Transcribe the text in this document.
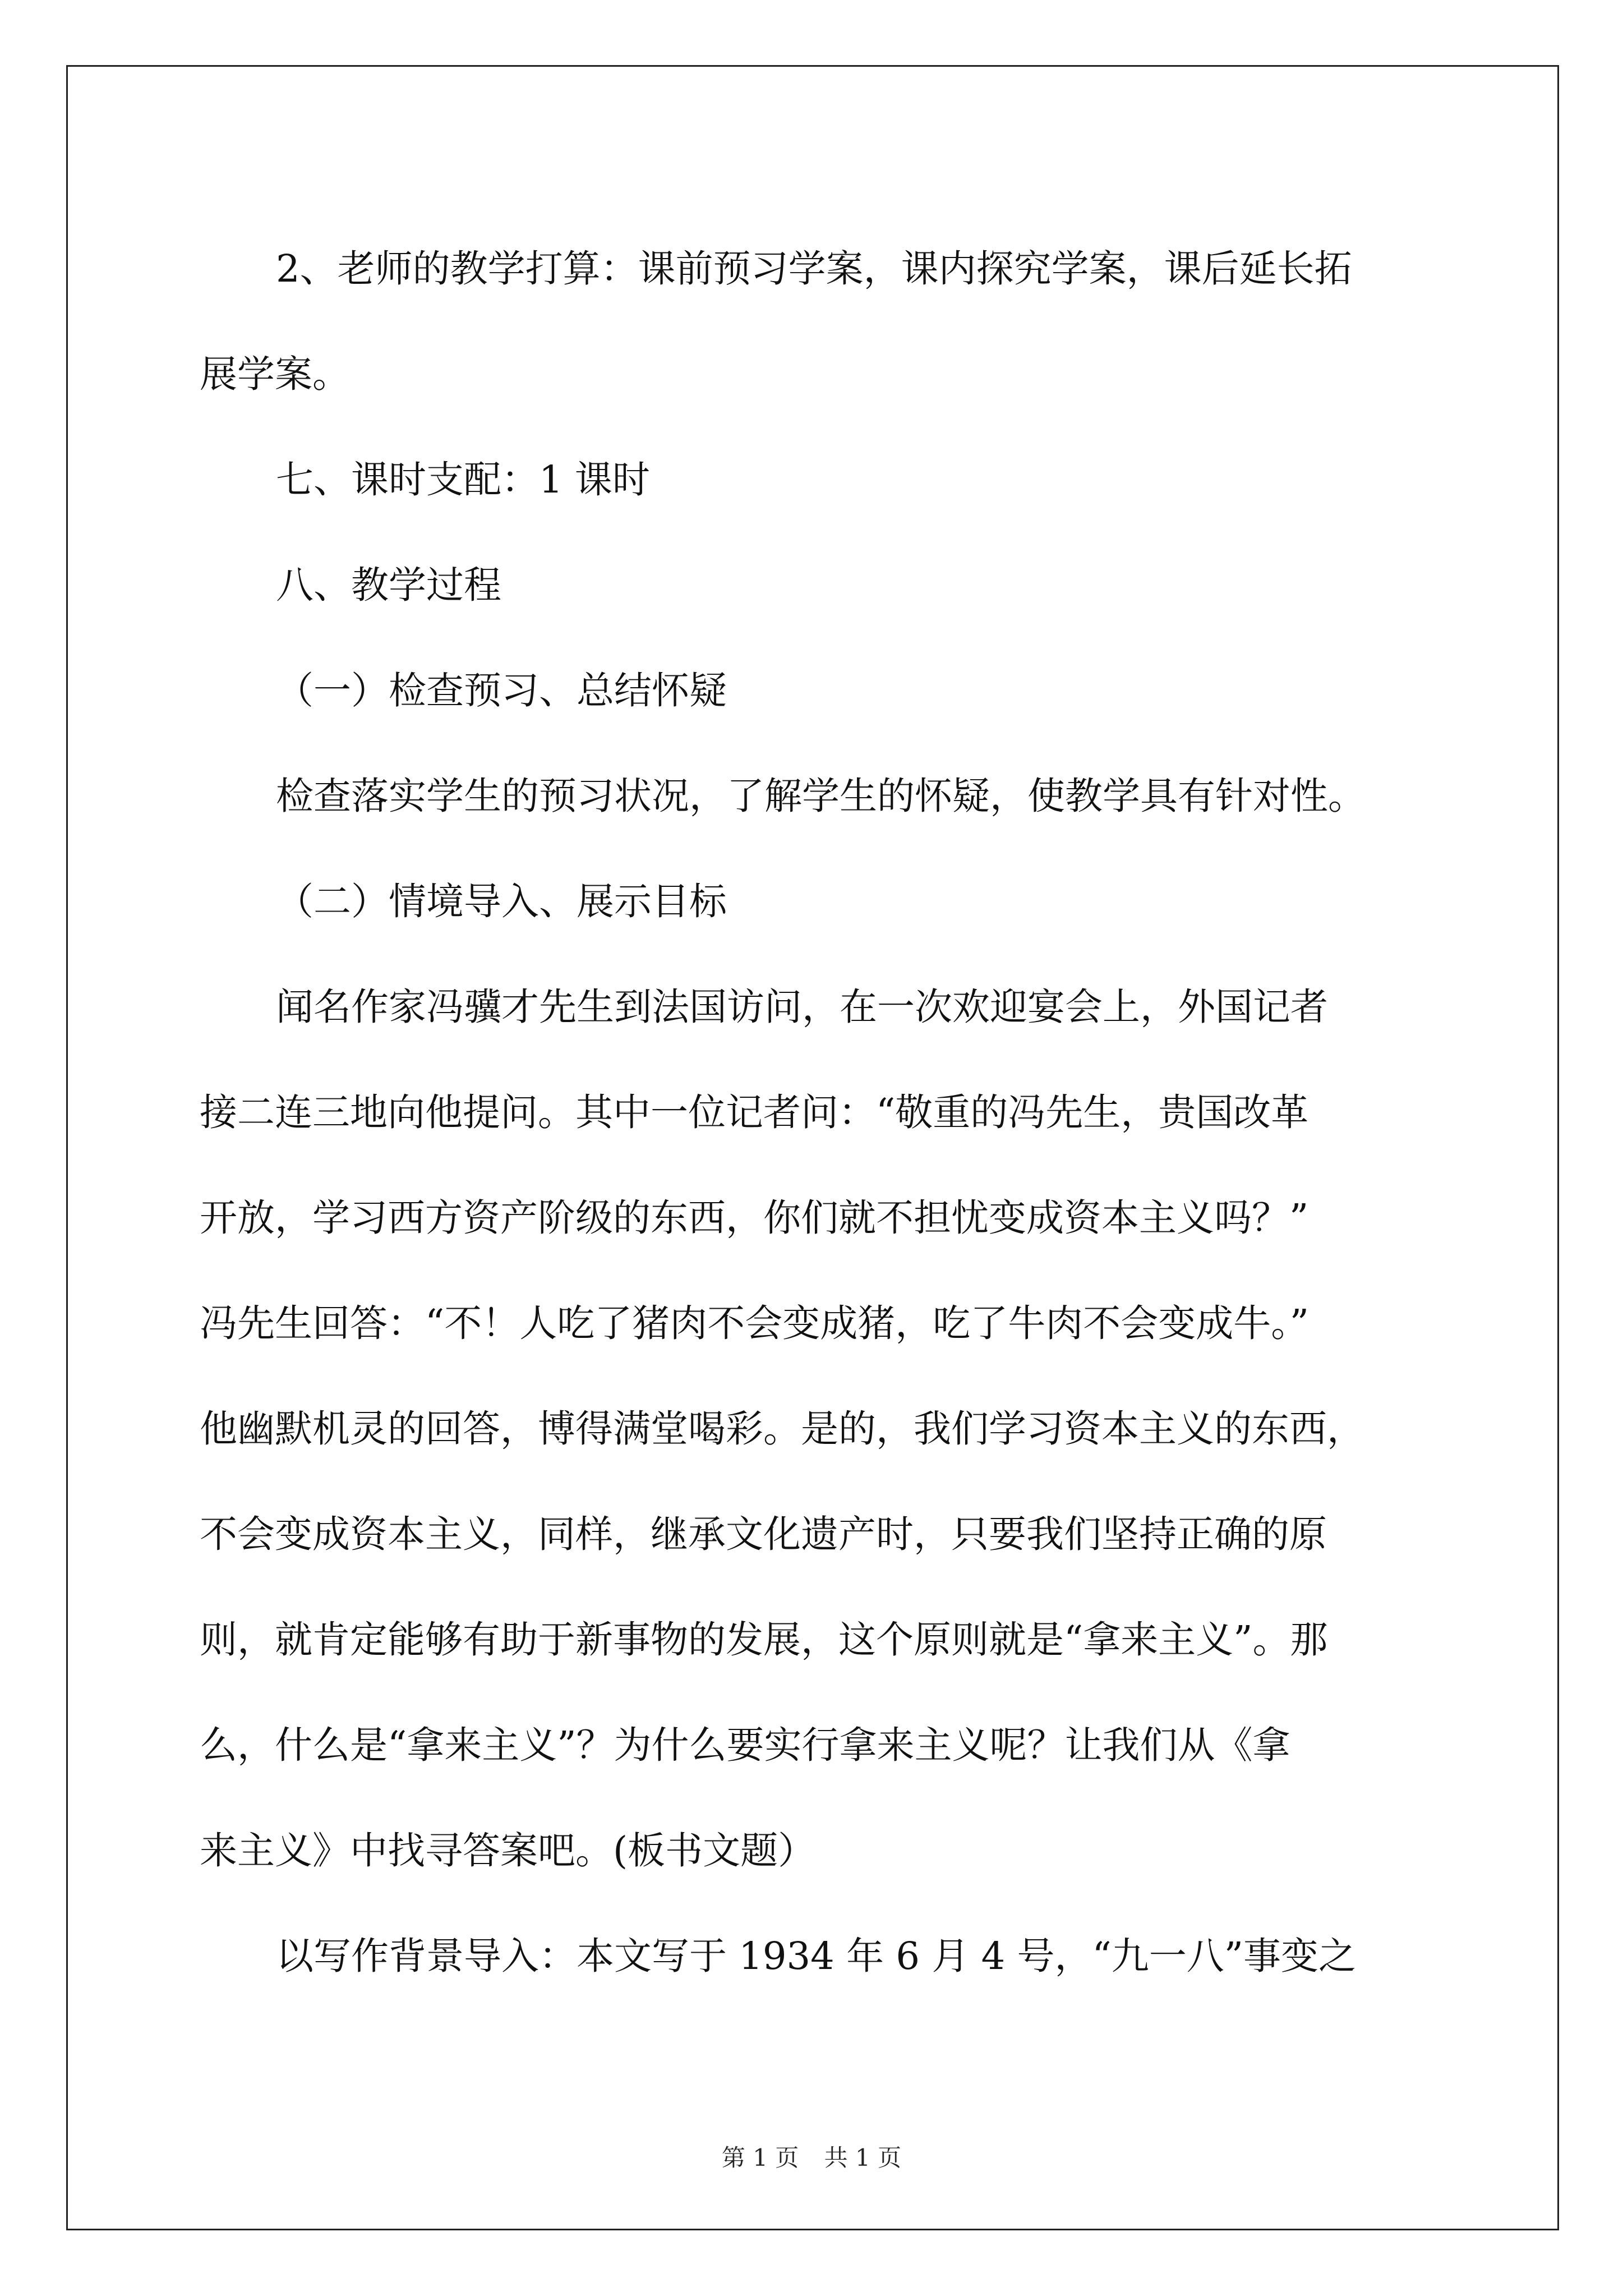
2、老师的教学打算：课前预习学案，课内探究学案，课后延长拓
展学案。
七、课时支配：1 课时
八、教学过程
（一）检查预习、总结怀疑
检查落实学生的预习状况，了解学生的怀疑，使教学具有针对性。
（二）情境导入、展示目标
闻名作家冯骥才先生到法国访问，在一次欢迎宴会上，外国记者
接二连三地向他提问。其中一位记者问：“敬重的冯先生，贵国改革
开放，学习西方资产阶级的东西，你们就不担忧变成资本主义吗？”
冯先生回答：“不！人吃了猪肉不会变成猪，吃了牛肉不会变成牛。”
他幽默机灵的回答，博得满堂喝彩。是的，我们学习资本主义的东西，
不会变成资本主义，同样，继承文化遗产时，只要我们坚持正确的原
则，就肯定能够有助于新事物的发展，这个原则就是“拿来主义”。那
么，什么是“拿来主义”？为什么要实行拿来主义呢？让我们从《拿
来主义》中找寻答案吧。(板书文题）
以写作背景导入：本文写于 1934 年 6 月 4 号，“九一八”事变之
第 1 页 共 1 页
